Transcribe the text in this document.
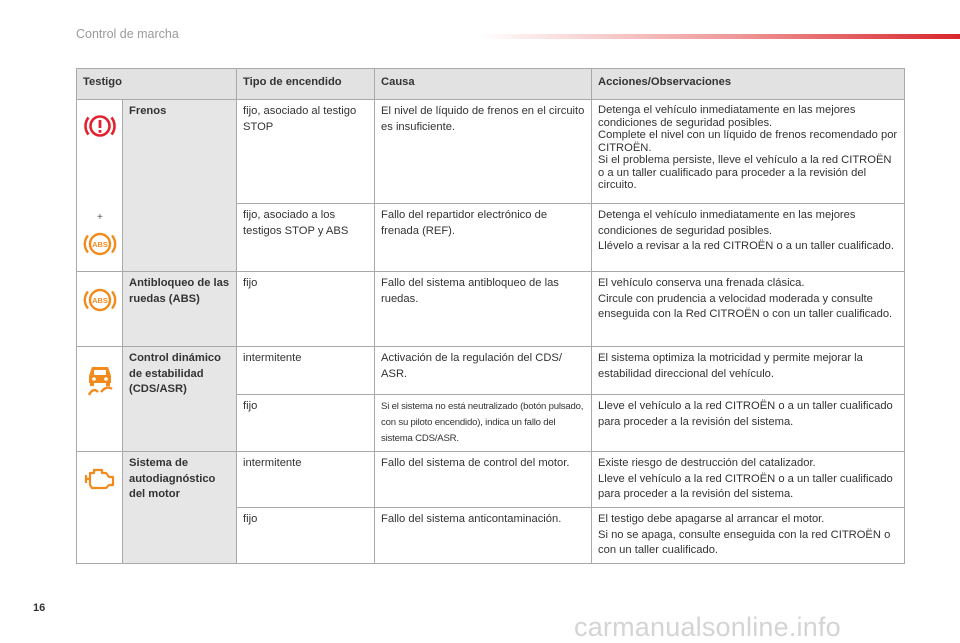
Control de marcha
Testigo		Tipo de encendido	Causa	Acciones/Observaciones

	Frenos	fijo, asociado al testigo STOP	El nivel de líquido de frenos en el circuito es insuficiente.	Detenga el vehículo inmediatamente en las mejores condiciones de seguridad posibles.
Complete el nivel con un líquido de frenos recomendado por CITROËN.
Si el problema persiste, lleve el vehículo a la red CITROËN o a un taller cualificado para proceder a la revisión del circuito.

+
ABS		fijo, asociado a los testigos STOP y ABS	Fallo del repartidor electrónico de frenada (REF).	Detenga el vehículo inmediatamente en las mejores condiciones de seguridad posibles.
Llévelo a revisar a la red CITROËN o a un taller cualificado.

ABS	Antibloqueo de las ruedas (ABS)	fijo	Fallo del sistema antibloqueo de las ruedas.	El vehículo conserva una frenada clásica.
Circule con prudencia a velocidad moderada y consulte enseguida con la Red CITROËN o con un taller cualificado.

	Control dinámico de estabilidad (CDS/ASR)	intermitente	Activación de la regulación del CDS/ ASR.	El sistema optimiza la motricidad y permite mejorar la estabilidad direccional del vehículo.
		fijo	Si el sistema no está neutralizado (botón pulsado, con su piloto encendido), indica un fallo del sistema CDS/ASR.	Lleve el vehículo a la red CITROËN o a un taller cualificado para proceder a la revisión del sistema.

	Sistema de autodiagnóstico del motor	intermitente	Fallo del sistema de control del motor.	Existe riesgo de destrucción del catalizador.
Lleve el vehículo a la red CITROËN o a un taller cualificado para proceder a la revisión del sistema.
		fijo	Fallo del sistema anticontaminación.	El testigo debe apagarse al arrancar el motor.
Si no se apaga, consulte enseguida con la red CITROËN o con un taller cualificado.
16
carmanualsonline.info
